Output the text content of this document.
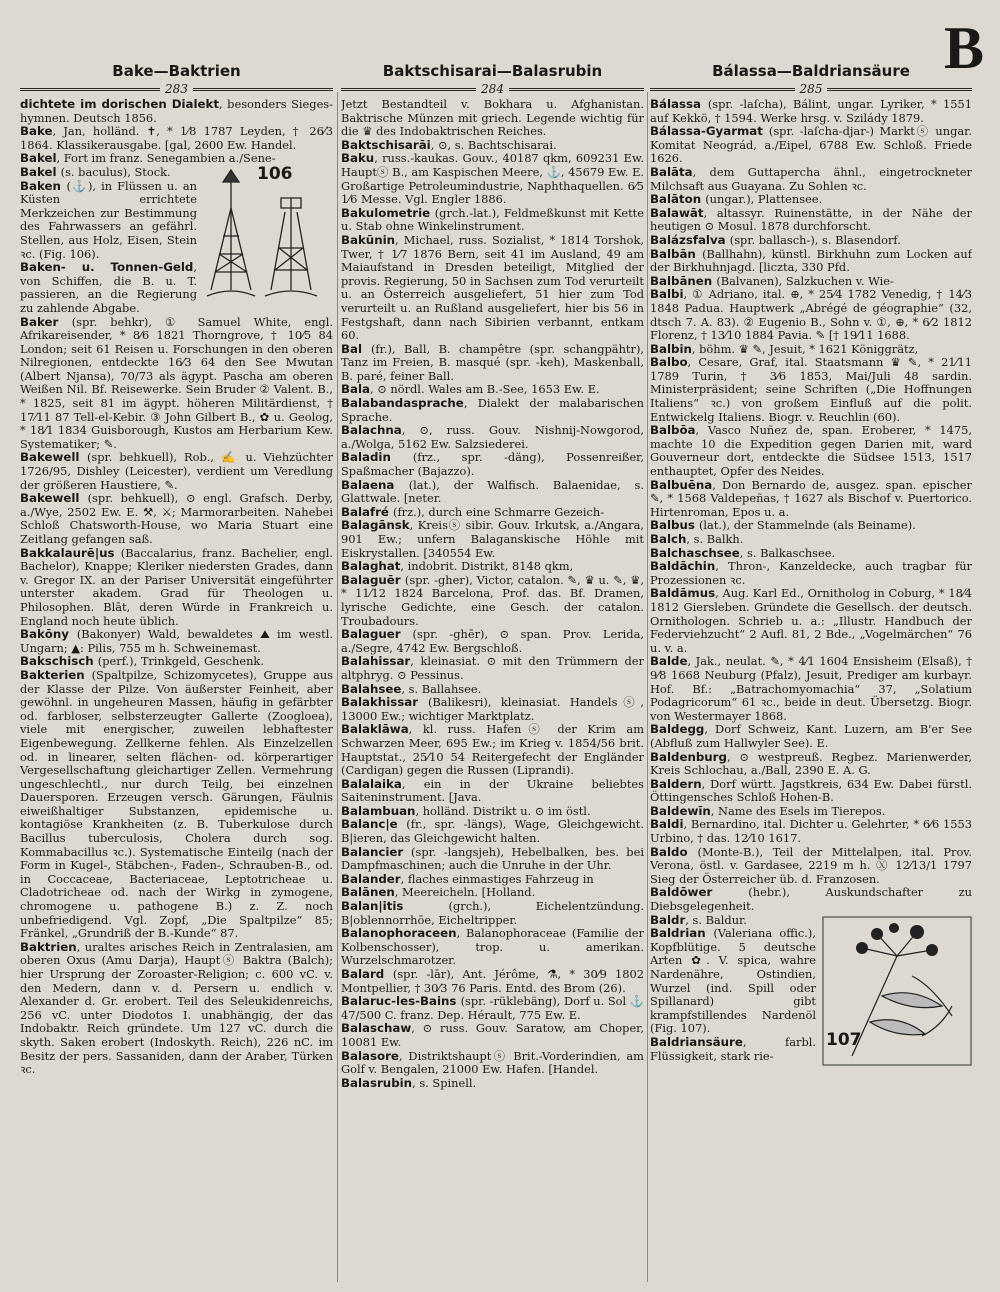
B
Bake—Baktrien
283

dichtete im dorischen Dialekt, besonders Sieges-hymnen. Deutsch 1856.

Bake, Jan, holländ. ✝, * 1⁄8 1787 Leyden, † 26⁄3 1864. Klassikerausgabe. [gal, 2600 Ew. Handel.

Bakel, Fort im franz. Senegambien a./Sene-

106

Bakel (s. baculus), Stock.

Baken (⚓), in Flüssen u. an Küsten errichtete Merkzeichen zur Bestimmung des Fahrwassers an gefährl. Stellen, aus Holz, Eisen, Stein ꝛc. (Fig. 106).

Baken- u. Tonnen-Geld, von Schiffen, die B. u. T. passieren, an die Regierung zu zahlende Abgabe.

Baker (spr. behkr), ① Samuel White, engl. Afrikareisender, * 8⁄6 1821 Thorngrove, † 10⁄5 84 London; seit 61 Reisen u. Forschungen in den oberen Nilregionen, entdeckte 16⁄3 64 den See Mwutan (Albert Njansa), 70/73 als ägypt. Pascha am oberen Weißen Nil. Bf. Reisewerke. Sein Bruder ② Valent. B., * 1825, seit 81 im ägypt. höheren Militärdienst, † 17⁄11 87 Tell-el-Kebir. ③ John Gilbert B., ✿ u. Geolog, * 18⁄1 1834 Guisborough, Kustos am Herbarium Kew. Systematiker; ✎.

Bakewell (spr. behkuell), Rob., ✍ u. Viehzüchter 1726/95, Dishley (Leicester), verdient um Veredlung der größeren Haustiere, ✎.

Bakewell (spr. behkuell), ⊙ engl. Grafsch. Derby, a./Wye, 2502 Ew. E. ⚒, ⚔; Marmorarbeiten. Nahebei Schloß Chatsworth-House, wo Maria Stuart eine Zeitlang gefangen saß.

Bakkalaurē|us (Baccalarius, franz. Bachelier, engl. Bachelor), Knappe; Kleriker niedersten Grades, dann v. Gregor IX. an der Pariser Universität eingeführter unterster akadem. Grad für Theologen u. Philosophen. Blāt, deren Würde in Frankreich u. England noch heute üblich.

Bakōny (Bakonyer) Wald, bewaldetes ⛰ im westl. Ungarn; ▲: Pilis, 755 m h. Schweinemast.

Bakschisch (perf.), Trinkgeld, Geschenk.

Bakterien (Spaltpilze, Schizomycetes), Gruppe aus der Klasse der Pilze. Von äußerster Feinheit, aber gewöhnl. in ungeheuren Massen, häufig in gefärbter od. farbloser, selbsterzeugter Gallerte (Zoogloea), viele mit energischer, zuweilen lebhaftester Eigenbewegung. Zellkerne fehlen. Als Einzelzellen od. in linearer, selten flächen- od. körperartiger Vergesellschaftung gleichartiger Zellen. Vermehrung ungeschlechtl., nur durch Teilg, bei einzelnen Dauersporen. Erzeugen versch. Gärungen, Fäulnis eiweißhaltiger Substanzen, epidemische u. kontagiöse Krankheiten (z. B. Tuberkulose durch Bacillus tuberculosis, Cholera durch sog. Kommabacillus ꝛc.). Systematische Einteilg (nach der Form in Kugel-, Stäbchen-, Faden-, Schrauben-B., od. in Coccaceae, Bacteriaceae, Leptotricheae u. Cladotricheae od. nach der Wirkg in zymogene, chromogene u. pathogene B.) z. Z. noch unbefriedigend. Vgl. Zopf, „Die Spaltpilze“ 85; Fränkel, „Grundriß der B.-Kunde“ 87.

Baktrien, uraltes arisches Reich in Zentralasien, am oberen Oxus (Amu Darja), Hauptⓢ Baktra (Balch); hier Ursprung der Zoroaster-Religion; c. 600 vC. v. den Medern, dann v. d. Persern u. endlich v. Alexander d. Gr. erobert. Teil des Seleukidenreichs, 256 vC. unter Diodotos I. unabhängig, der das Indobaktr. Reich gründete. Um 127 vC. durch die skyth. Saken erobert (Indoskyth. Reich), 226 nC. im Besitz der pers. Sassaniden, dann der Araber, Türken ꝛc.

Baktschisarai—Balasrubin
284

Jetzt Bestandteil v. Bokhara u. Afghanistan. Baktrische Münzen mit griech. Legende wichtig für die ♛ des Indobaktrischen Reiches.

Baktschisarāi, ⊙, s. Bachtschisarai.

Baku, russ.-kaukas. Gouv., 40187 qkm, 609231 Ew. Hauptⓢ B., am Kaspischen Meere, ⚓, 45679 Ew. E. Großartige Petroleumindustrie, Naphthaquellen. 6⁄5 1⁄6 Messe. Vgl. Engler 1886.

Bakulometrie (grch.-lat.), Feldmeßkunst mit Kette u. Stab ohne Winkelinstrument.

Bakūnin, Michael, russ. Sozialist, * 1814 Torshok, Twer, † 1⁄7 1876 Bern, seit 41 im Ausland, 49 am Maiaufstand in Dresden beteiligt, Mitglied der provis. Regierung, 50 in Sachsen zum Tod verurteilt u. an Österreich ausgeliefert, 51 hier zum Tod verurteilt u. an Rußland ausgeliefert, hier bis 56 in Festgshaft, dann nach Sibirien verbannt, entkam 60.

Bal (fr.), Ball, B. champêtre (spr. schangpähtr), Tanz im Freien, B. masqué (spr. -keh), Maskenball, B. paré, feiner Ball.

Bala, ⊙ nördl. Wales am B.-See, 1653 Ew. E.

Balabandasprache, Dialekt der malabarischen Sprache.

Balachna, ⊙, russ. Gouv. Nishnij-Nowgorod, a./Wolga, 5162 Ew. Salzsiederei.

Baladin (frz., spr. -däng), Possenreißer, Spaßmacher (Bajazzo).

Balaena (lat.), der Walfisch. Balaenidae, s. Glattwale. [neter.

Balafré (frz.), durch eine Schmarre Gezeich-

Balagānsk, Kreisⓢ sibir. Gouv. Irkutsk, a./Angara, 901 Ew.; unfern Balaganskische Höhle mit Eiskrystallen. [340554 Ew.

Balaghat, indobrit. Distrikt, 8148 qkm,

Balaguēr (spr. -gher), Victor, catalon. ✎, ♛ u. ✎, ♛, * 11⁄12 1824 Barcelona, Prof. das. Bf. Dramen, lyrische Gedichte, eine Gesch. der catalon. Troubadours.

Balaguer (spr. -ghēr), ⊙ span. Prov. Lerida, a./Segre, 4742 Ew. Bergschloß.

Balahissar, kleinasiat. ⊙ mit den Trümmern der altphryg. ⊙ Pessinus.

Balahsee, s. Ballahsee.

Balakhissar (Balikesri), kleinasiat. Handelsⓢ, 13000 Ew.; wichtiger Marktplatz.

Balaklāwa, kl. russ. Hafenⓢ der Krim am Schwarzen Meer, 695 Ew.; im Krieg v. 1854/56 brit. Hauptstat., 25⁄10 54 Reitergefecht der Engländer (Cardigan) gegen die Russen (Liprandi).

Balalaika, ein in der Ukraine beliebtes Saiteninstrument. [Java.

Balambuan, holländ. Distrikt u. ⊙ im östl.

Balanc|e (fr., spr. -längs), Wage, Gleichgewicht. B|ieren, das Gleichgewicht halten.

Balancier (spr. -langsjeh), Hebelbalken, bes. bei Dampfmaschinen; auch die Unruhe in der Uhr.

Balander, flaches einmastiges Fahrzeug in

Balānen, Meereicheln. [Holland.

Balan|itis (grch.), Eichelentzündung. B|oblennorrhōe, Eicheltripper.

Balanophoraceen, Balanophoraceae (Familie der Kolbenschosser), trop. u. amerikan. Wurzelschmarotzer.

Balard (spr. -lār), Ant. Jérôme, ⚗, * 30⁄9 1802 Montpellier, † 30⁄3 76 Paris. Entd. des Brom (26).

Balaruc-les-Bains (spr. -rüklebäng), Dorf u. Sol ⚓ 47/500 C. franz. Dep. Hérault, 775 Ew. E.

Balaschaw, ⊙ russ. Gouv. Saratow, am Choper, 10081 Ew.

Balasore, Distriktshauptⓢ Brit.-Vorderindien, am Golf v. Bengalen, 21000 Ew. Hafen. [Handel.

Balasrubin, s. Spinell.

Bálassa—Baldriansäure
285

Bálassa (spr. -laſcha), Bálint, ungar. Lyriker, * 1551 auf Kekkö, † 1594. Werke hrsg. v. Szilády 1879.

Bálassa-Gyarmat (spr. -laſcha-djar-) Marktⓢ ungar. Komitat Neográd, a./Eipel, 6788 Ew. Schloß. Friede 1626.

Balāta, dem Guttapercha ähnl., eingetrockneter Milchsaft aus Guayana. Zu Sohlen ꝛc.

Balāton (ungar.), Plattensee.

Balawāt, altassyr. Ruinenstätte, in der Nähe der heutigen ⊙ Mosul. 1878 durchforscht.

Balázsfalva (spr. ballasch-), s. Blasendorf.

Balbān (Ballhahn), künstl. Birkhuhn zum Locken auf der Birkhuhnjagd. [liczta, 330 Pfd.

Balbānen (Balvanen), Salzkuchen v. Wie-

Balbi, ① Adriano, ital. ⊕, * 25⁄4 1782 Venedig, † 14⁄3 1848 Padua. Hauptwerk „Abrégé de géographie“ (32, dtsch 7. A. 83). ② Eugenio B., Sohn v. ①, ⊕, * 6⁄2 1812 Florenz, † 13⁄10 1884 Pavia. ✎ [† 19⁄11 1688.

Balbin, böhm. ♛ ✎, Jesuit, * 1621 Königgrätz,

Balbo, Cesare, Graf, ital. Staatsmann ♛ ✎, * 21⁄11 1789 Turin, † 3⁄6 1853, Mai/Juli 48 sardin. Ministerpräsident; seine Schriften („Die Hoffnungen Italiens“ ꝛc.) von großem Einfluß auf die polit. Entwickelg Italiens. Biogr. v. Reuchlin (60).

Balbōa, Vasco Nuñez de, span. Eroberer, * 1475, machte 10 die Expedition gegen Darien mit, ward Gouverneur dort, entdeckte die Südsee 1513, 1517 enthauptet, Opfer des Neides.

Balbuēna, Don Bernardo de, ausgez. span. epischer ✎, * 1568 Valdepeñas, † 1627 als Bischof v. Puertorico. Hirtenroman, Epos u. a.

Balbus (lat.), der Stammelnde (als Beiname).

Balch, s. Balkh.

Balchaschsee, s. Balkaschsee.

Baldāchin, Thron-, Kanzeldecke, auch tragbar für Prozessionen ꝛc.

Baldāmus, Aug. Karl Ed., Ornitholog in Coburg, * 18⁄4 1812 Giersleben. Gründete die Gesellsch. der deutsch. Ornithologen. Schrieb u. a.: „Illustr. Handbuch der Federviehzucht“ 2 Aufl. 81, 2 Bde., „Vogelmärchen“ 76 u. v. a.

Balde, Jak., neulat. ✎, * 4⁄1 1604 Ensisheim (Elsaß), † 9⁄8 1668 Neuburg (Pfalz), Jesuit, Prediger am kurbayr. Hof. Bf.: „Batrachomyomachia“ 37, „Solatium Podagricorum“ 61 ꝛc., beide in deut. Übersetzg. Biogr. von Westermayer 1868.

Baldegg, Dorf Schweiz, Kant. Luzern, am B'er See (Abfluß zum Hallwyler See). E.

Baldenburg, ⊙ westpreuß. Regbez. Marienwerder, Kreis Schlochau, a./Ball, 2390 E. A. G.

Baldern, Dorf württ. Jagstkreis, 634 Ew. Dabei fürstl. Öttingensches Schloß Hohen-B.

Baldewīn, Name des Esels im Tierepos.

Baldi, Bernardino, ital. Dichter u. Gelehrter, * 6⁄6 1553 Urbino, † das. 12⁄10 1617.

Baldo (Monte-B.), Teil der Mittelalpen, ital. Prov. Verona, östl. v. Gardasee, 2219 m h. Ⓧ 12⁄13/1 1797 Sieg der Österreicher üb. d. Franzosen.

Baldōwer (hebr.), Auskundschafter zu Diebsgelegenheit.

107

Baldr, s. Baldur.

Baldrian (Valeriana offic.), Kopfblütige. 5 deutsche Arten ✿. V. spica, wahre Nardenähre, Ostindien, Wurzel (ind. Spill oder Spillanard) gibt krampfstillendes Nardenöl (Fig. 107).

Baldriansäure, farbl. Flüssigkeit, stark rie-
